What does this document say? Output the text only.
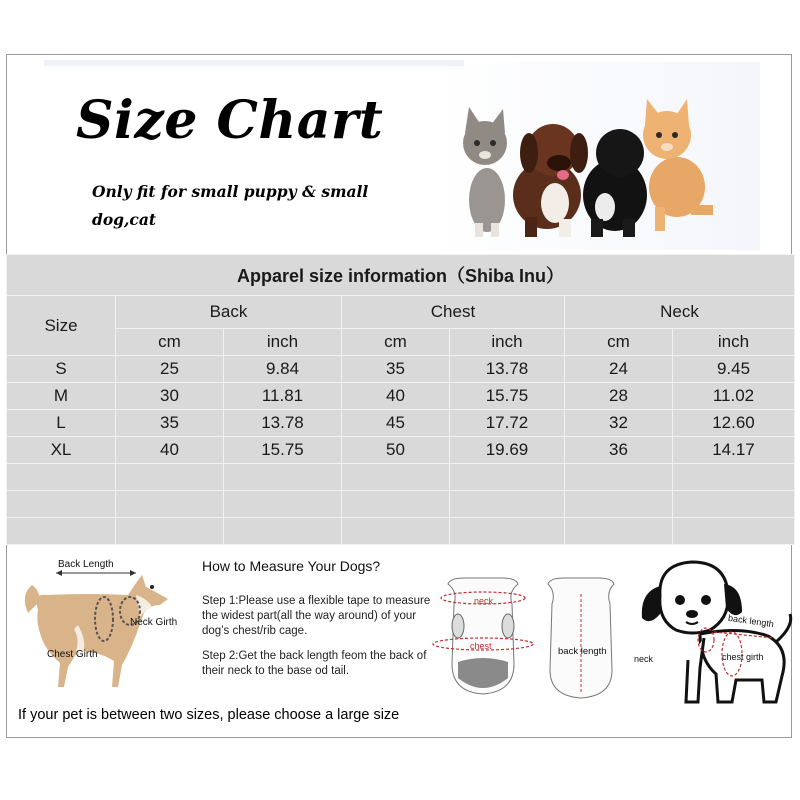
Size Chart
Only fit for small puppy & small dog,cat
Apparel size information（Shiba Inu）						
Size	Back		Chest		Neck	
	cm	inch	cm	inch	cm	inch
S	25	9.84	35	13.78	24	9.45
M	30	11.81	40	15.75	28	11.02
L	35	13.78	45	17.72	32	12.60
XL	40	15.75	50	19.69	36	14.17

Back Length
Neck Girth
Chest Girth
How to Measure Your Dogs?
Step 1:Please use a flexible tape to measure the widest part(all the way around) of your dog’s chest/rib cage.
Step 2:Get the back length feom the back of their neck to the base od tail.
neck
chest	back length
back length
neck	chest girth
If your pet is between two sizes, please choose a large size
